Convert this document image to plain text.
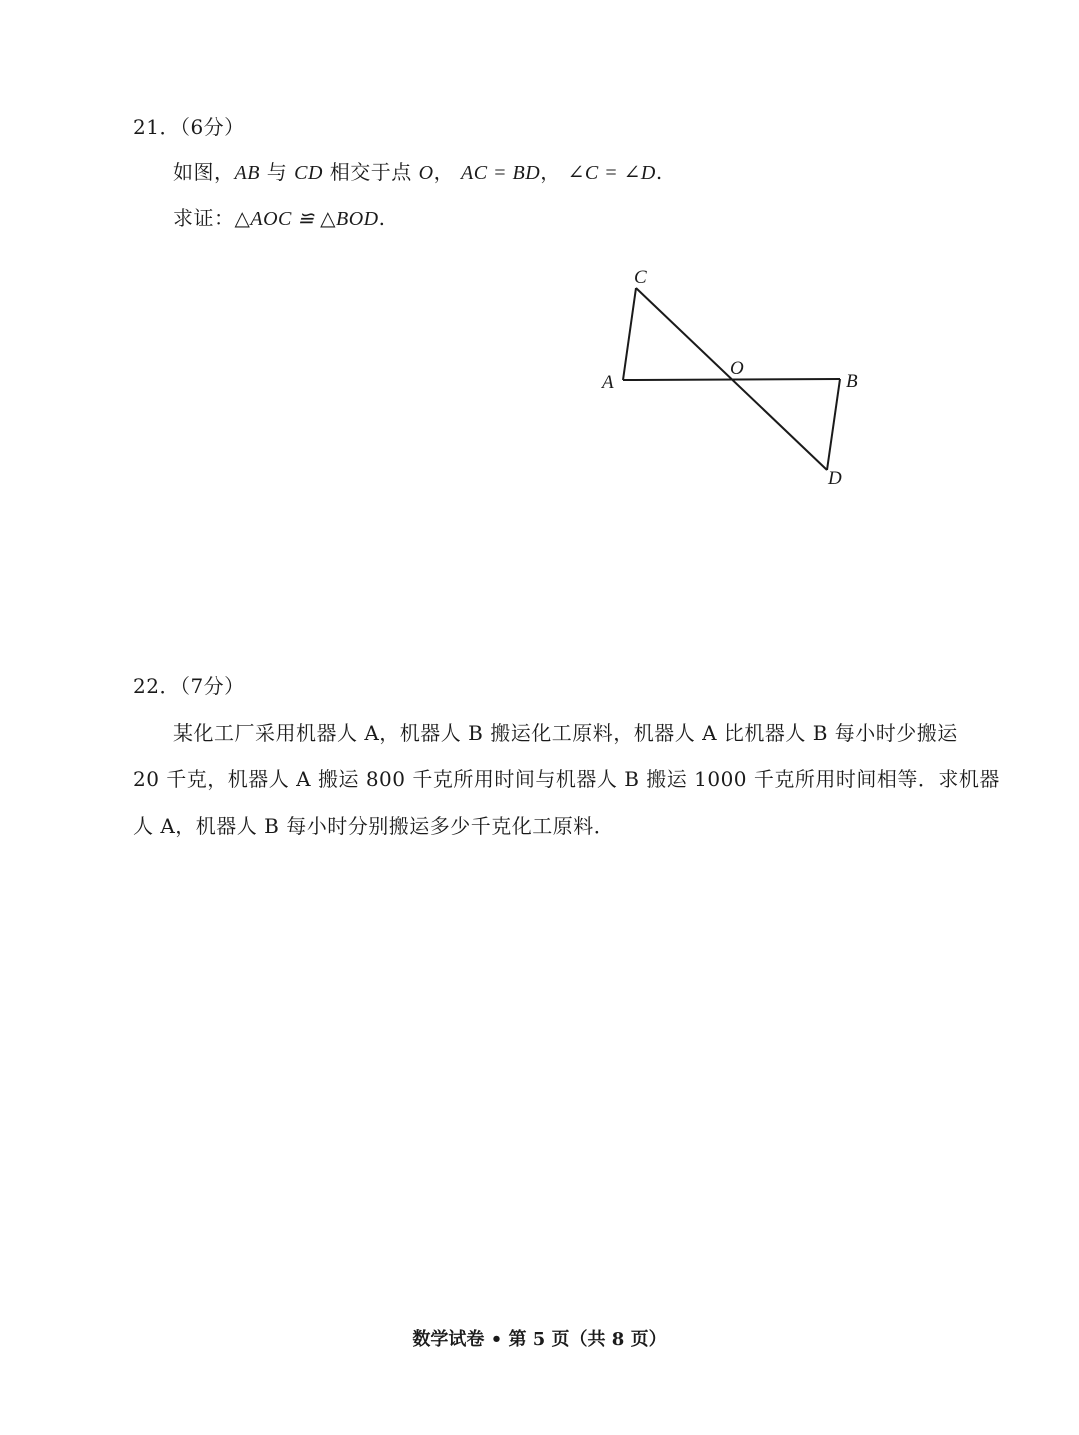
21．（6分）
如图，AB 与 CD 相交于点 O， AC = BD， ∠C = ∠D.
求证：△AOC ≌ △BOD.
C
A
O
B
D
22．（7分）
某化工厂采用机器人 A，机器人 B 搬运化工原料，机器人 A 比机器人 B 每小时少搬运
20 千克，机器人 A 搬运 800 千克所用时间与机器人 B 搬运 1000 千克所用时间相等．求机器
人 A，机器人 B 每小时分别搬运多少千克化工原料．
数学试卷 • 第 5 页（共 8 页）
